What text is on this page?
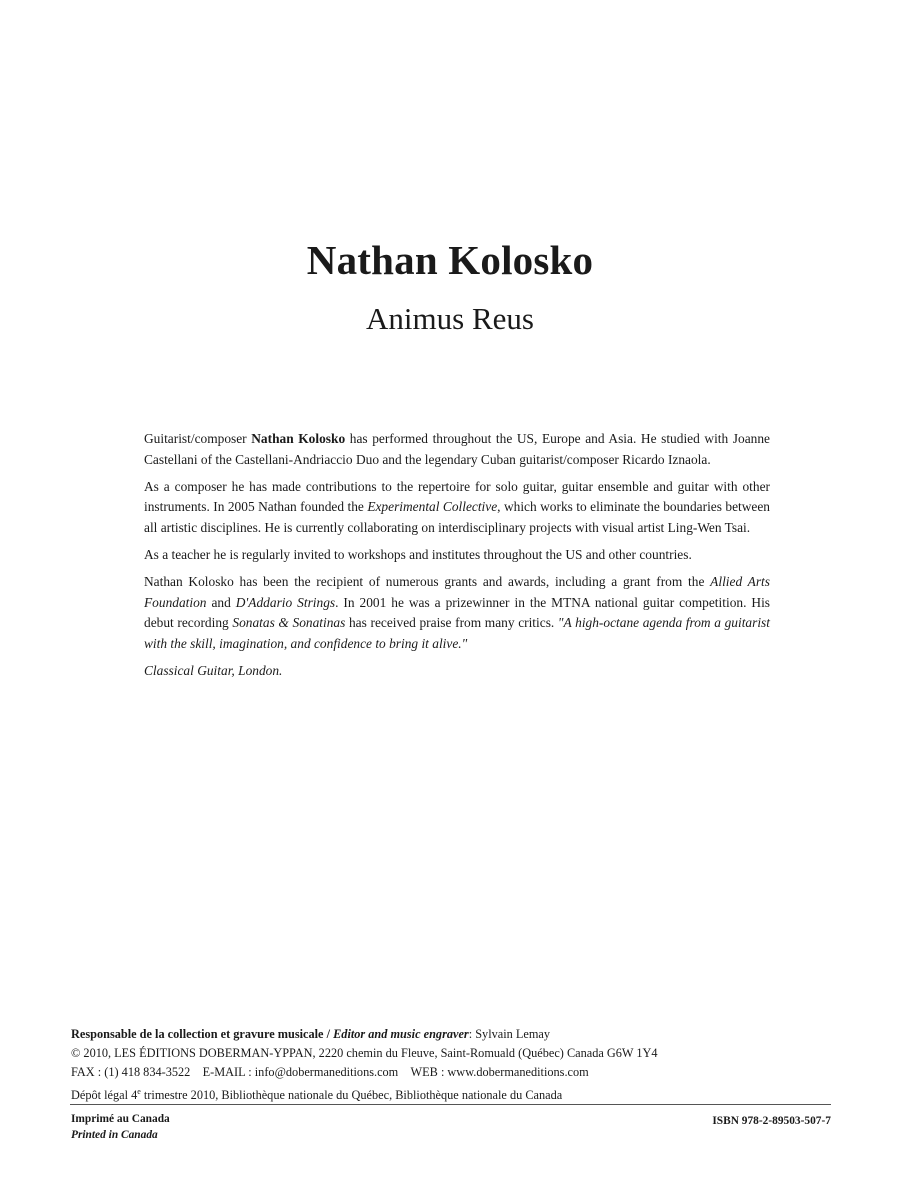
Nathan Kolosko
Animus Reus

Guitarist/composer Nathan Kolosko has performed throughout the US, Europe and Asia. He studied with Joanne Castellani of the Castellani-Andriaccio Duo and the legendary Cuban guitarist/composer Ricardo Iznaola.

As a composer he has made contributions to the repertoire for solo guitar, guitar ensemble and guitar with other instruments. In 2005 Nathan founded the Experimental Collective, which works to eliminate the boundaries between all artistic disciplines. He is currently collaborating on interdisciplinary projects with visual artist Ling-Wen Tsai.

As a teacher he is regularly invited to workshops and institutes throughout the US and other countries.

Nathan Kolosko has been the recipient of numerous grants and awards, including a grant from the Allied Arts Foundation and D'Addario Strings. In 2001 he was a prizewinner in the MTNA national guitar competition. His debut recording Sonatas & Sonatinas has received praise from many critics. "A high-octane agenda from a guitarist with the skill, imagination, and confidence to bring it alive."

Classical Guitar, London.

Responsable de la collection et gravure musicale / Editor and music engraver: Sylvain Lemay
© 2010, LES ÉDITIONS DOBERMAN-YPPAN, 2220 chemin du Fleuve, Saint-Romuald (Québec) Canada G6W 1Y4
FAX : (1) 418 834-3522 E-MAIL : info@dobermaneditions.com WEB : www.dobermaneditions.com
Dépôt légal 4e trimestre 2010, Bibliothèque nationale du Québec, Bibliothèque nationale du Canada
Imprimé au Canada
Printed in Canada
ISBN 978-2-89503-507-7
